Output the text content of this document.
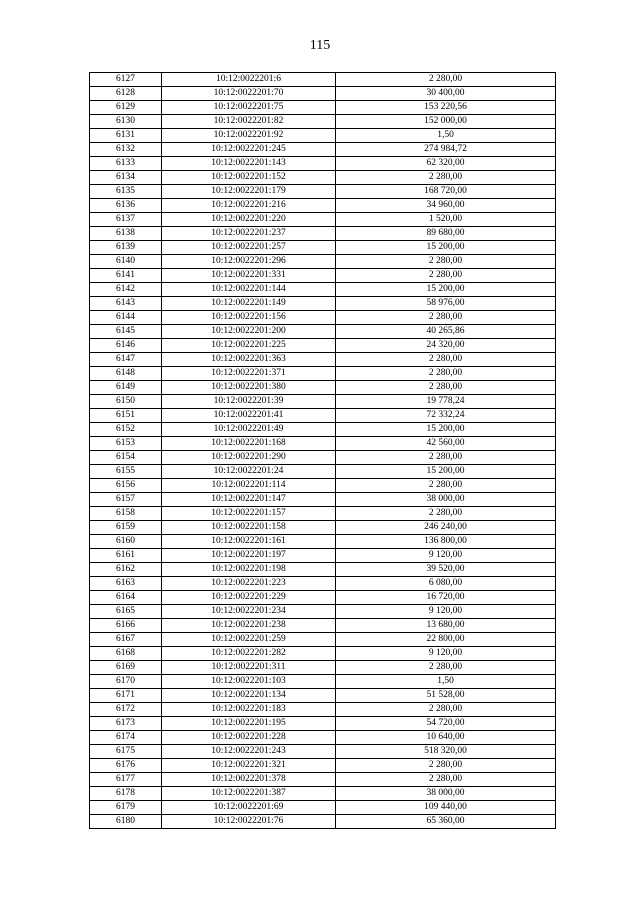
115
6127	10:12:0022201:6	2 280,00
6128	10:12:0022201:70	30 400,00
6129	10:12:0022201:75	153 220,56
6130	10:12:0022201:82	152 000,00
6131	10:12:0022201:92	1,50
6132	10:12:0022201:245	274 984,72
6133	10:12:0022201:143	62 320,00
6134	10:12:0022201:152	2 280,00
6135	10:12:0022201:179	168 720,00
6136	10:12:0022201:216	34 960,00
6137	10:12:0022201:220	1 520,00
6138	10:12:0022201:237	89 680,00
6139	10:12:0022201:257	15 200,00
6140	10:12:0022201:296	2 280,00
6141	10:12:0022201:331	2 280,00
6142	10:12:0022201:144	15 200,00
6143	10:12:0022201:149	58 976,00
6144	10:12:0022201:156	2 280,00
6145	10:12:0022201:200	40 265,86
6146	10:12:0022201:225	24 320,00
6147	10:12:0022201:363	2 280,00
6148	10:12:0022201:371	2 280,00
6149	10:12:0022201:380	2 280,00
6150	10:12:0022201:39	19 778,24
6151	10:12:0022201:41	72 332,24
6152	10:12:0022201:49	15 200,00
6153	10:12:0022201:168	42 560,00
6154	10:12:0022201:290	2 280,00
6155	10:12:0022201:24	15 200,00
6156	10:12:0022201:114	2 280,00
6157	10:12:0022201:147	38 000,00
6158	10:12:0022201:157	2 280,00
6159	10:12:0022201:158	246 240,00
6160	10:12:0022201:161	136 800,00
6161	10:12:0022201:197	9 120,00
6162	10:12:0022201:198	39 520,00
6163	10:12:0022201:223	6 080,00
6164	10:12:0022201:229	16 720,00
6165	10:12:0022201:234	9 120,00
6166	10:12:0022201:238	13 680,00
6167	10:12:0022201:259	22 800,00
6168	10:12:0022201:282	9 120,00
6169	10:12:0022201:311	2 280,00
6170	10:12:0022201:103	1,50
6171	10:12:0022201:134	51 528,00
6172	10:12:0022201:183	2 280,00
6173	10:12:0022201:195	54 720,00
6174	10:12:0022201:228	10 640,00
6175	10:12:0022201:243	518 320,00
6176	10:12:0022201:321	2 280,00
6177	10:12:0022201:378	2 280,00
6178	10:12:0022201:387	38 000,00
6179	10:12:0022201:69	109 440,00
6180	10:12:0022201:76	65 360,00
